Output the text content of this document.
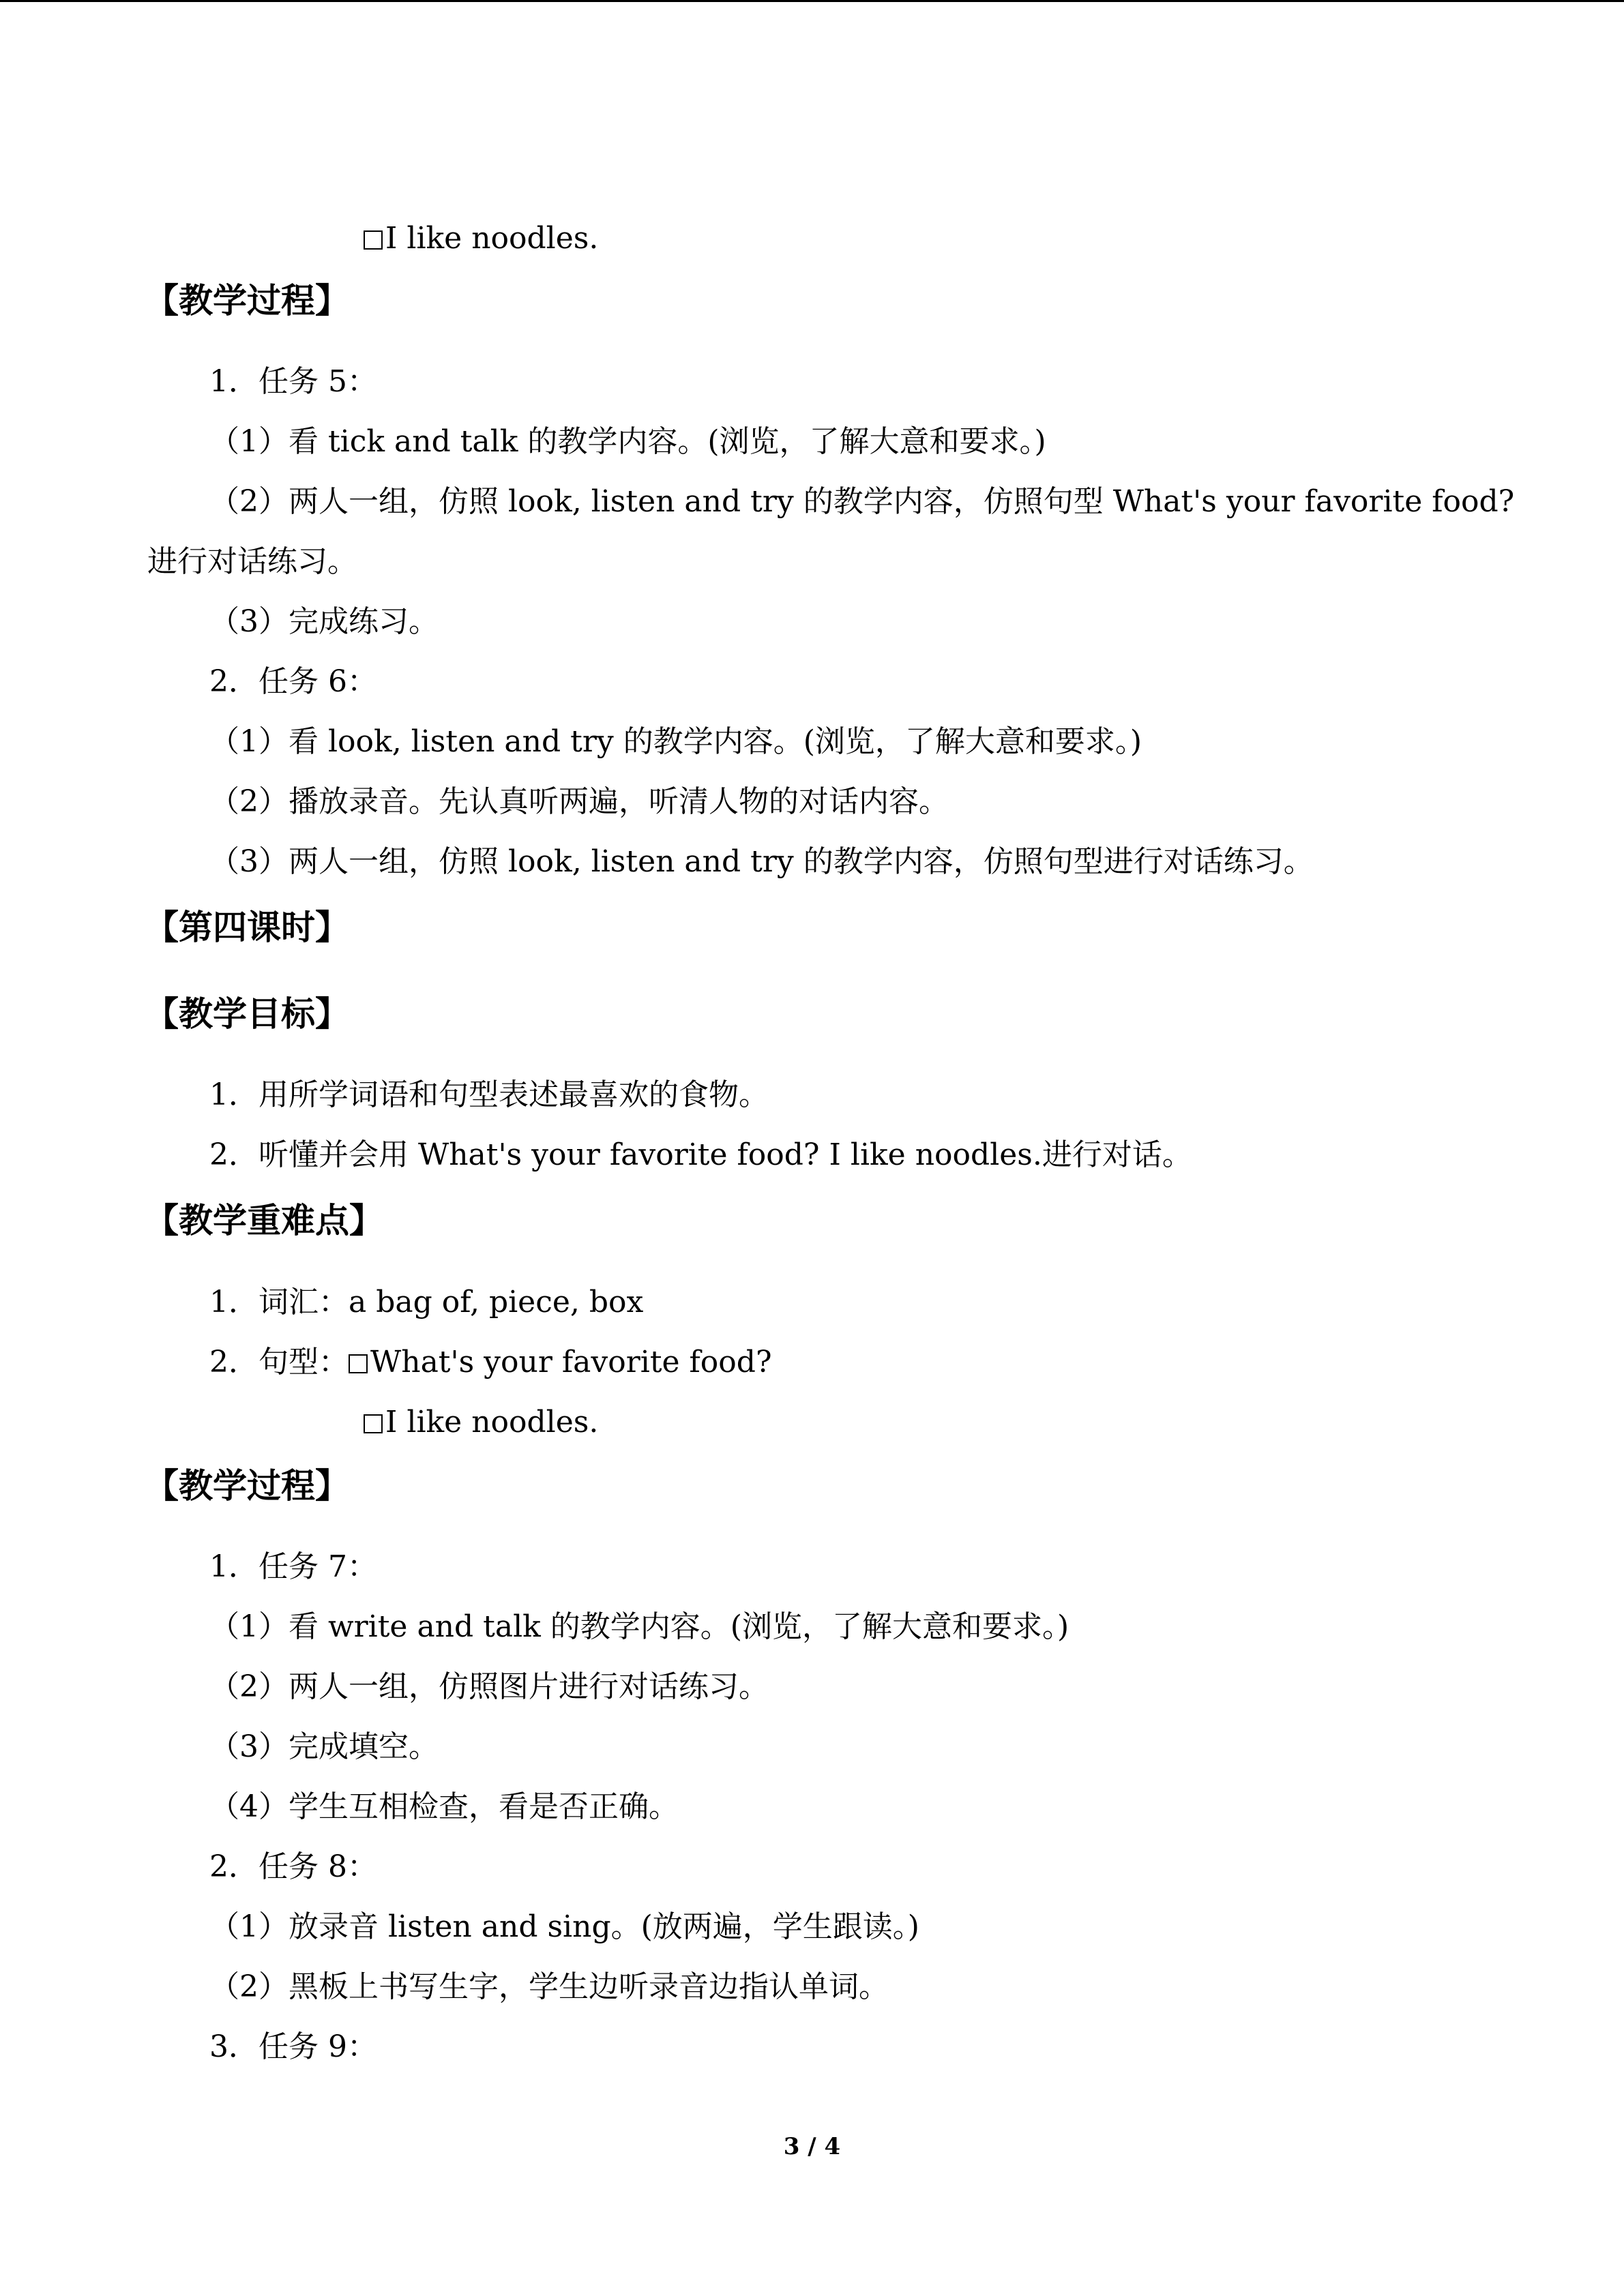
I like noodles.
【教学过程】
1．任务 5：
（1）看 tick and talk 的教学内容。(浏览，了解大意和要求。)
（2）两人一组，仿照 look, listen and try 的教学内容，仿照句型 What's your favorite food?
进行对话练习。
（3）完成练习。
2．任务 6：
（1）看 look, listen and try 的教学内容。(浏览，了解大意和要求。)
（2）播放录音。先认真听两遍，听清人物的对话内容。
（3）两人一组，仿照 look, listen and try 的教学内容，仿照句型进行对话练习。
【第四课时】
【教学目标】
1．用所学词语和句型表述最喜欢的食物。
2．听懂并会用 What's your favorite food? I like noodles.进行对话。
【教学重难点】
1．词汇：a bag of, piece, box
2．句型： What's your favorite food?
I like noodles.
【教学过程】
1．任务 7：
（1）看 write and talk 的教学内容。(浏览，了解大意和要求。)
（2）两人一组，仿照图片进行对话练习。
（3）完成填空。
（4）学生互相检查，看是否正确。
2．任务 8：
（1）放录音 listen and sing。(放两遍，学生跟读。)
（2）黑板上书写生字，学生边听录音边指认单词。
3．任务 9：
3 / 4
